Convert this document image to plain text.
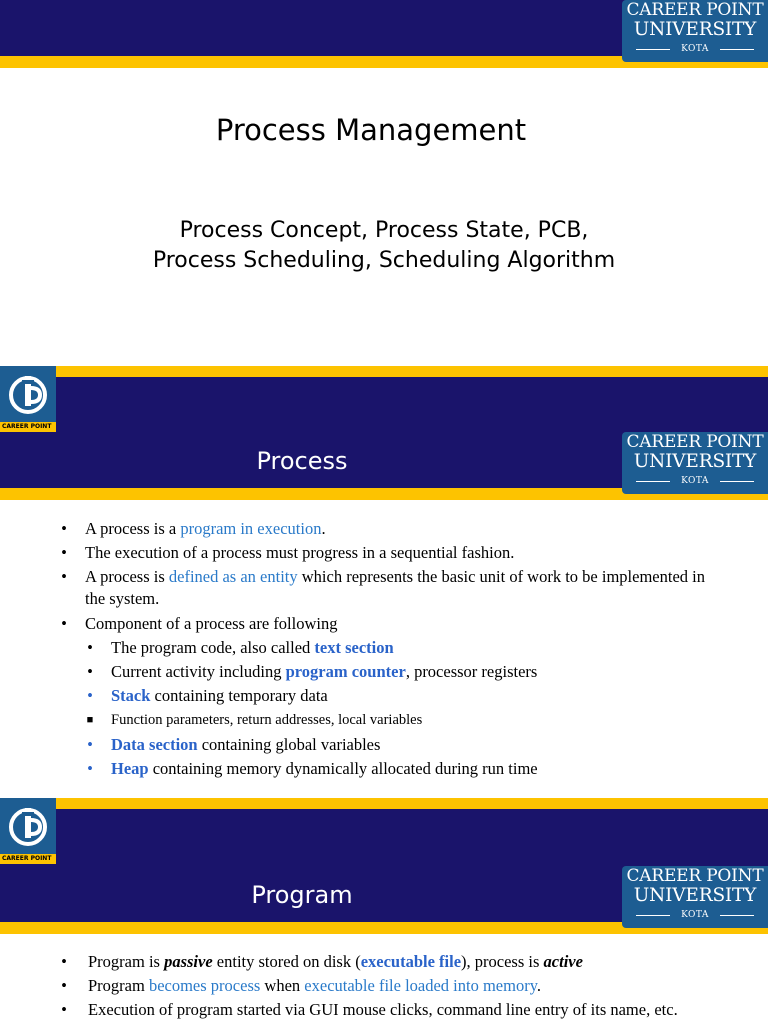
CAREER POINT
UNIVERSITY
KOTA
Process Management
Process Concept, Process State, PCB,
Process Scheduling, Scheduling Algorithm
CAREER POINT
Process
CAREER POINT
UNIVERSITY
KOTA
• A process is a program in execution.
• The execution of a process must progress in a sequential fashion.
• A process is defined as an entity which represents the basic unit of work to be implemented in the system.
• Component of a process are following
• The program code, also called text section
• Current activity including program counter, processor registers
• Stack containing temporary data
■ Function parameters, return addresses, local variables
• Data section containing global variables
• Heap containing memory dynamically allocated during run time
CAREER POINT
Program
CAREER POINT
UNIVERSITY
KOTA
• Program is passive entity stored on disk (executable file), process is active
• Program becomes process when executable file loaded into memory.
• Execution of program started via GUI mouse clicks, command line entry of its name, etc.
